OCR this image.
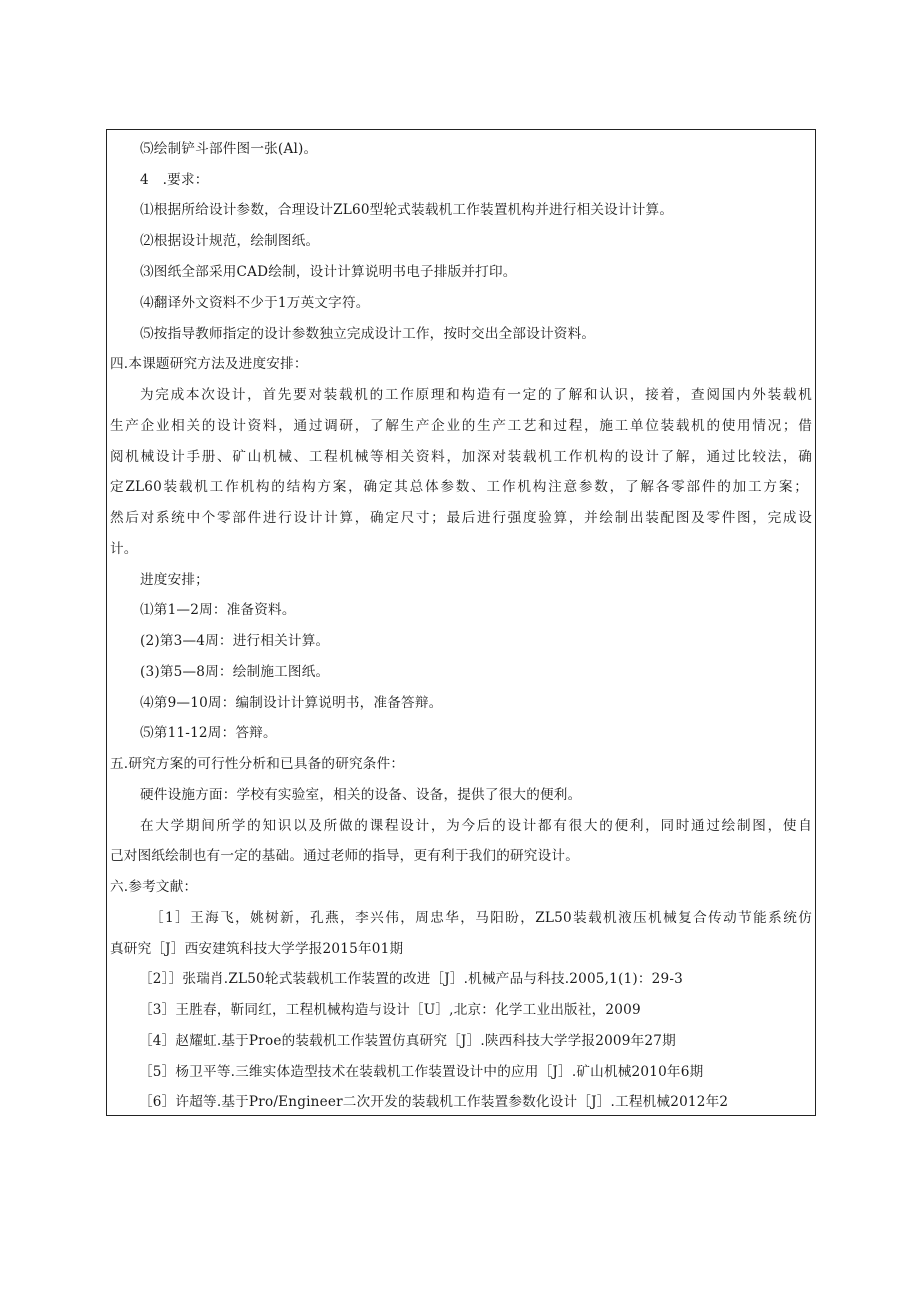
⑸绘制铲斗部件图一张(Al)。
4　.要求：
⑴根据所给设计参数，合理设计ZL60型轮式装载机工作装置机构并进行相关设计计算。
⑵根据设计规范，绘制图纸。
⑶图纸全部采用CAD绘制，设计计算说明书电子排版并打印。
⑷翻译外文资料不少于1万英文字符。
⑸按指导教师指定的设计参数独立完成设计工作，按时交出全部设计资料。
四.本课题研究方法及进度安排：
为完成本次设计，首先要对装载机的工作原理和构造有一定的了解和认识，接着，查阅国内外装载机
生产企业相关的设计资料，通过调研，了解生产企业的生产工艺和过程，施工单位装载机的使用情况；借
阅机械设计手册、矿山机械、工程机械等相关资料，加深对装载机工作机构的设计了解，通过比较法，确
定ZL60装载机工作机构的结构方案，确定其总体参数、工作机构注意参数，了解各零部件的加工方案；
然后对系统中个零部件进行设计计算，确定尺寸；最后进行强度验算，并绘制出装配图及零件图，完成设
计。
进度安排；
⑴第1—2周：准备资料。
(2)第3—4周：进行相关计算。
(3)第5—8周：绘制施工图纸。
⑷第9—10周：编制设计计算说明书，准备答辩。
⑸第11-12周：答辩。
五.研究方案的可行性分析和已具备的研究条件：
硬件设施方面：学校有实验室，相关的设备、设备，提供了很大的便利。
在大学期间所学的知识以及所做的课程设计，为今后的设计都有很大的便利，同时通过绘制图，使自
己对图纸绘制也有一定的基础。通过老师的指导，更有利于我们的研究设计。
六.参考文献：
［1］王海飞，姚树新，孔燕，李兴伟，周忠华，马阳盼，ZL50装载机液压机械复合传动节能系统仿
真研究［J］西安建筑科技大学学报2015年01期
［2］］张瑞肖.ZL50轮式装载机工作装置的改进［J］.机械产品与科技.2005,1(1)：29-3
［3］王胜春，靳同红，工程机械构造与设计［U］,北京：化学工业出版社，2009
［4］赵耀虹.基于Proe的装载机工作装置仿真研究［J］.陕西科技大学学报2009年27期
［5］杨卫平等.三维实体造型技术在装载机工作装置设计中的应用［J］.矿山机械2010年6期
［6］许超等.基于Pro/Engineer二次开发的装载机工作装置参数化设计［J］.工程机械2012年2
